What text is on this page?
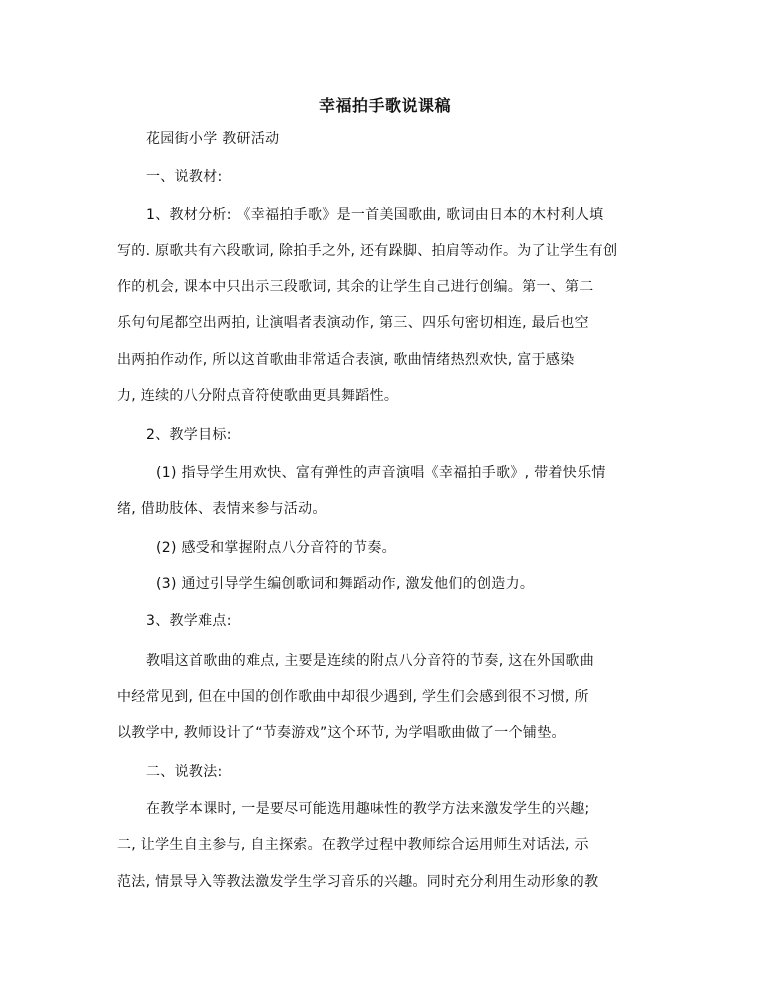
幸福拍手歌说课稿
花园街小学 教研活动
一、说教材:
1、教材分析: 《幸福拍手歌》是一首美国歌曲, 歌词由日本的木村利人填
写的. 原歌共有六段歌词, 除拍手之外, 还有跺脚、拍肩等动作。为了让学生有创
作的机会, 课本中只出示三段歌词, 其余的让学生自己进行创编。第一、第二
乐句句尾都空出两拍, 让演唱者表演动作, 第三、四乐句密切相连, 最后也空
出两拍作动作, 所以这首歌曲非常适合表演, 歌曲情绪热烈欢快, 富于感染
力, 连续的八分附点音符使歌曲更具舞蹈性。
2、教学目标:
(1) 指导学生用欢快、富有弹性的声音演唱《幸福拍手歌》, 带着快乐情
绪, 借助肢体、表情来参与活动。
(2) 感受和掌握附点八分音符的节奏。
(3) 通过引导学生编创歌词和舞蹈动作, 激发他们的创造力。
3、教学难点:
教唱这首歌曲的难点, 主要是连续的附点八分音符的节奏, 这在外国歌曲
中经常见到, 但在中国的创作歌曲中却很少遇到, 学生们会感到很不习惯, 所
以教学中, 教师设计了“节奏游戏”这个环节, 为学唱歌曲做了一个铺垫。
二、说教法:
在教学本课时, 一是要尽可能选用趣味性的教学方法来激发学生的兴趣;
二, 让学生自主参与, 自主探索。在教学过程中教师综合运用师生对话法, 示
范法, 情景导入等教法激发学生学习音乐的兴趣。同时充分利用生动形象的教
